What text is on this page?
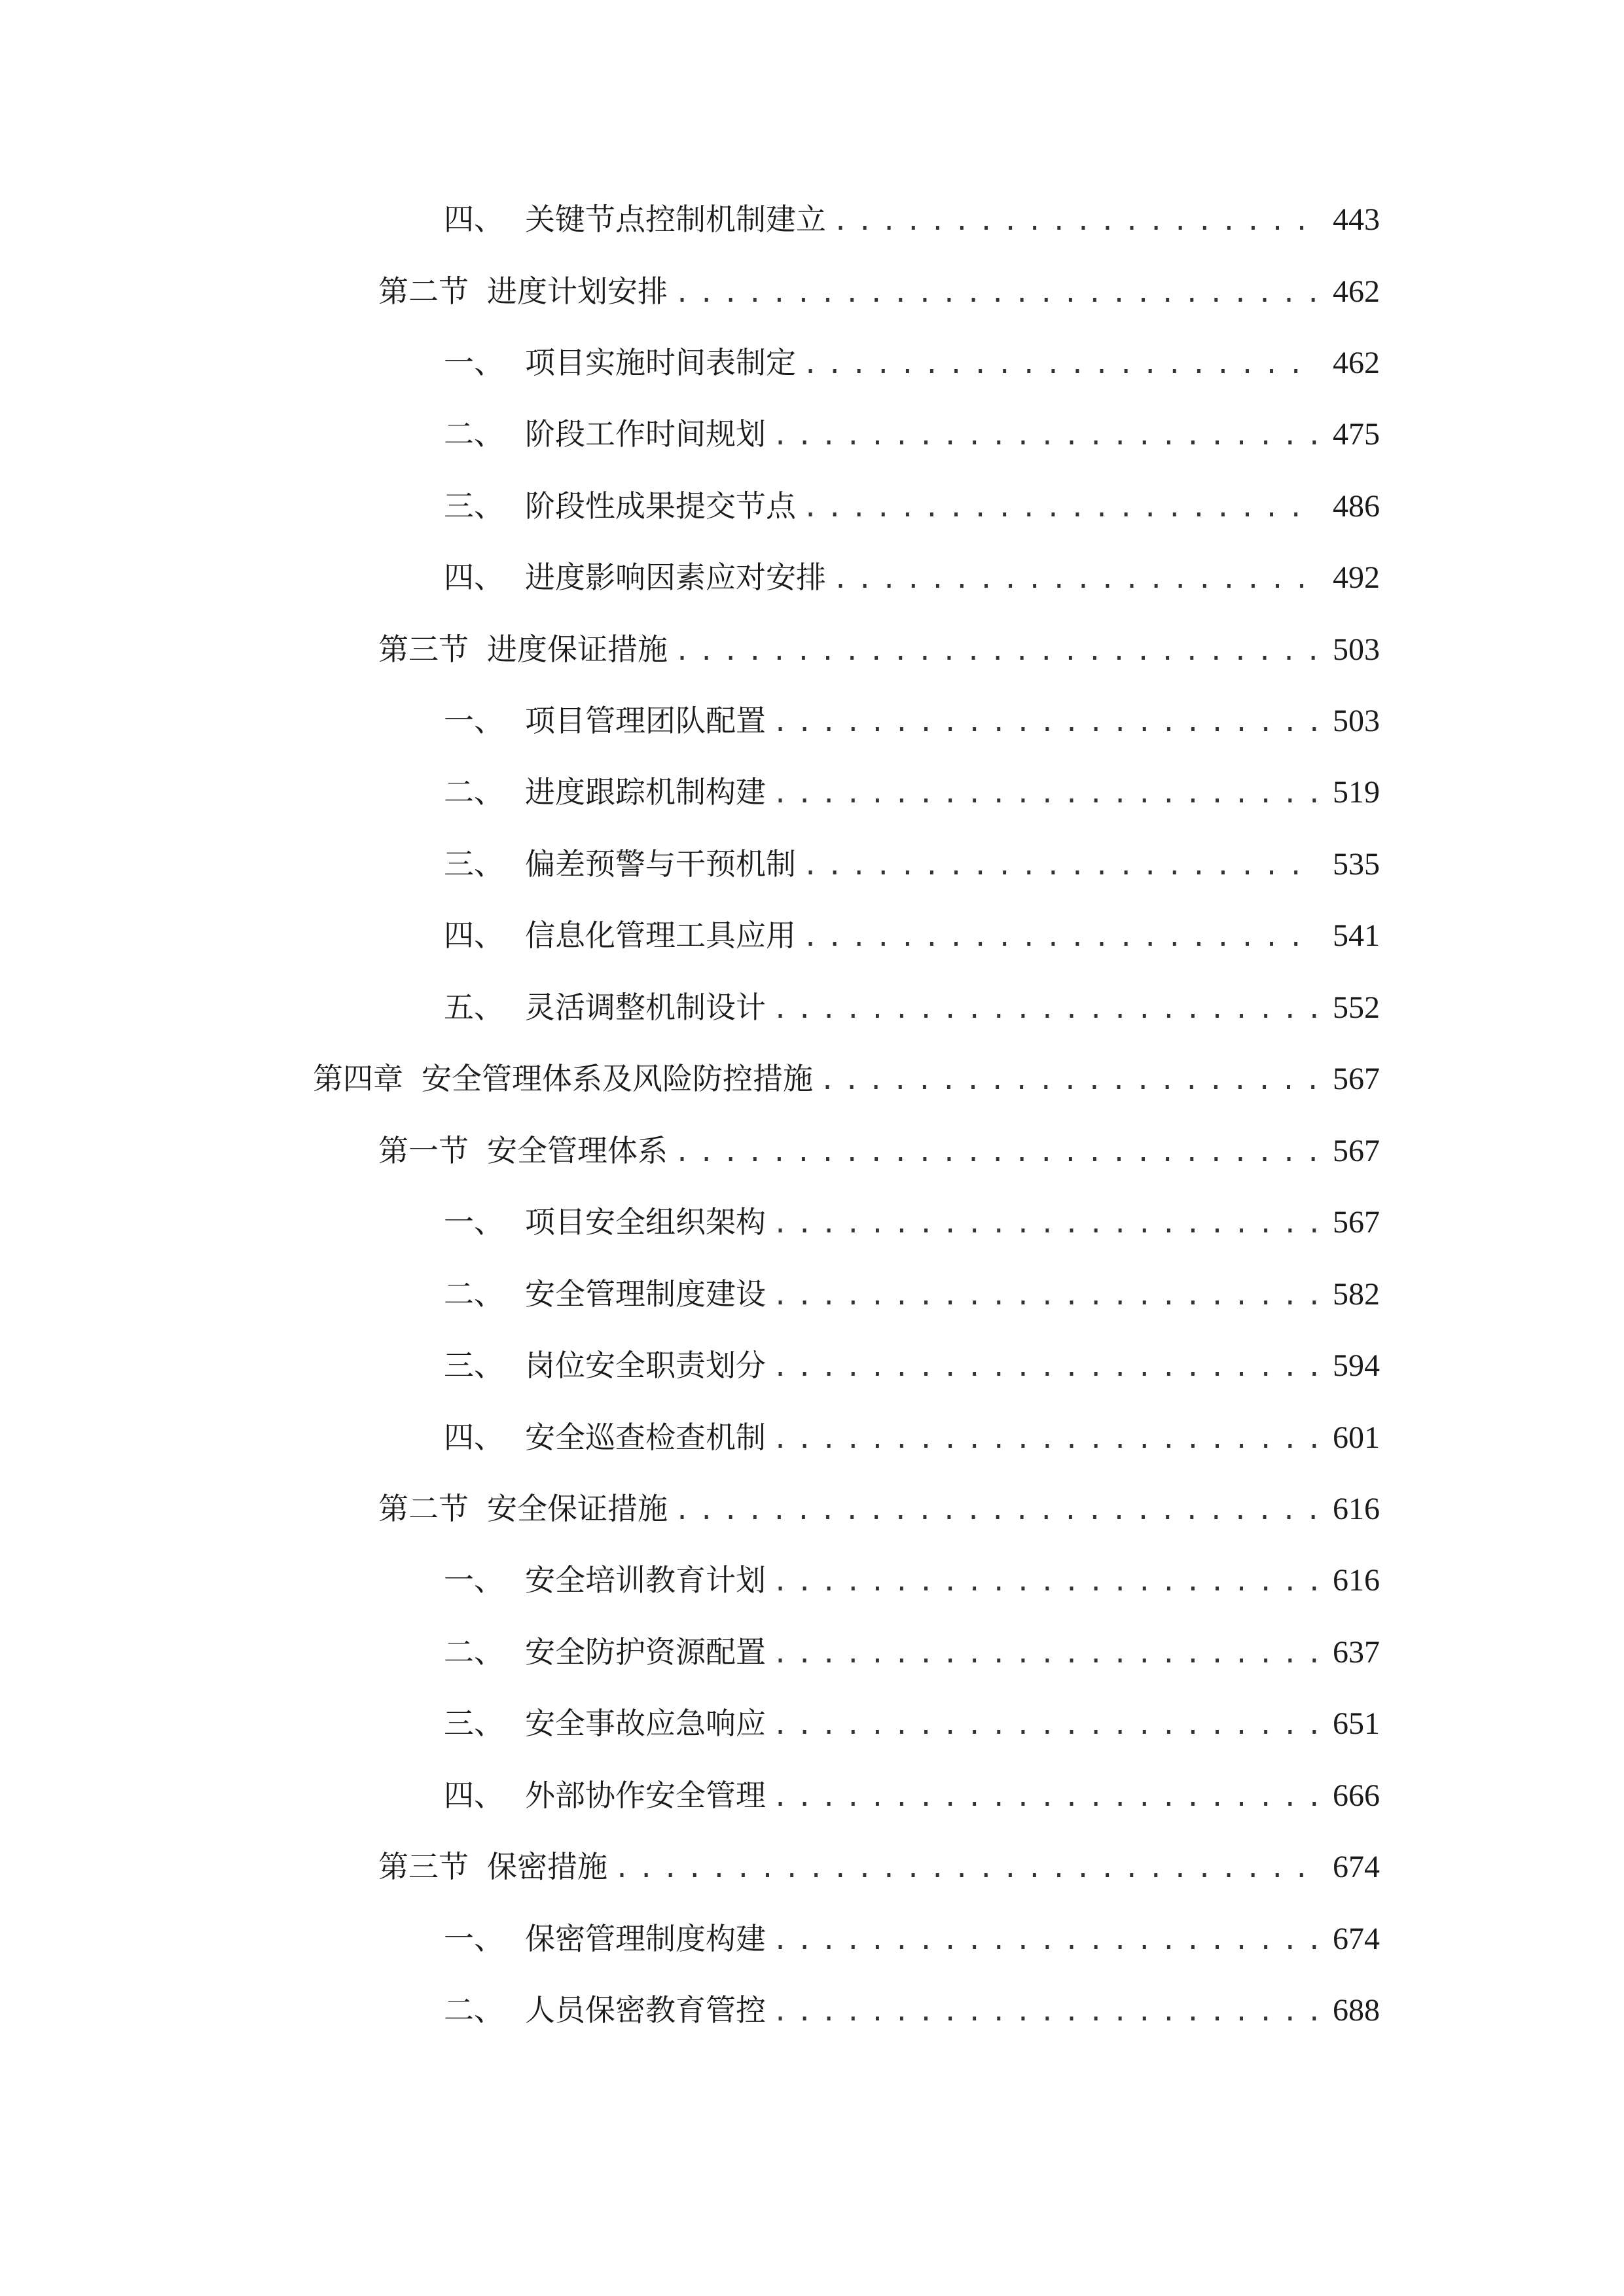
四、 关键节点控制机制建立 .....	443
第二节 进度计划安排 .....	462
一、 项目实施时间表制定 .....	462
二、 阶段工作时间规划 .....	475
三、 阶段性成果提交节点 .....	486
四、 进度影响因素应对安排 .....	492
第三节 进度保证措施 .....	503
一、 项目管理团队配置 .....	503
二、 进度跟踪机制构建 .....	519
三、 偏差预警与干预机制 .....	535
四、 信息化管理工具应用 .....	541
五、 灵活调整机制设计 .....	552
第四章 安全管理体系及风险防控措施 .....	567
第一节 安全管理体系 .....	567
一、 项目安全组织架构 .....	567
二、 安全管理制度建设 .....	582
三、 岗位安全职责划分 .....	594
四、 安全巡查检查机制 .....	601
第二节 安全保证措施 .....	616
一、 安全培训教育计划 .....	616
二、 安全防护资源配置 .....	637
三、 安全事故应急响应 .....	651
四、 外部协作安全管理 .....	666
第三节 保密措施 .....	674
一、 保密管理制度构建 .....	674
二、 人员保密教育管控 .....	688
